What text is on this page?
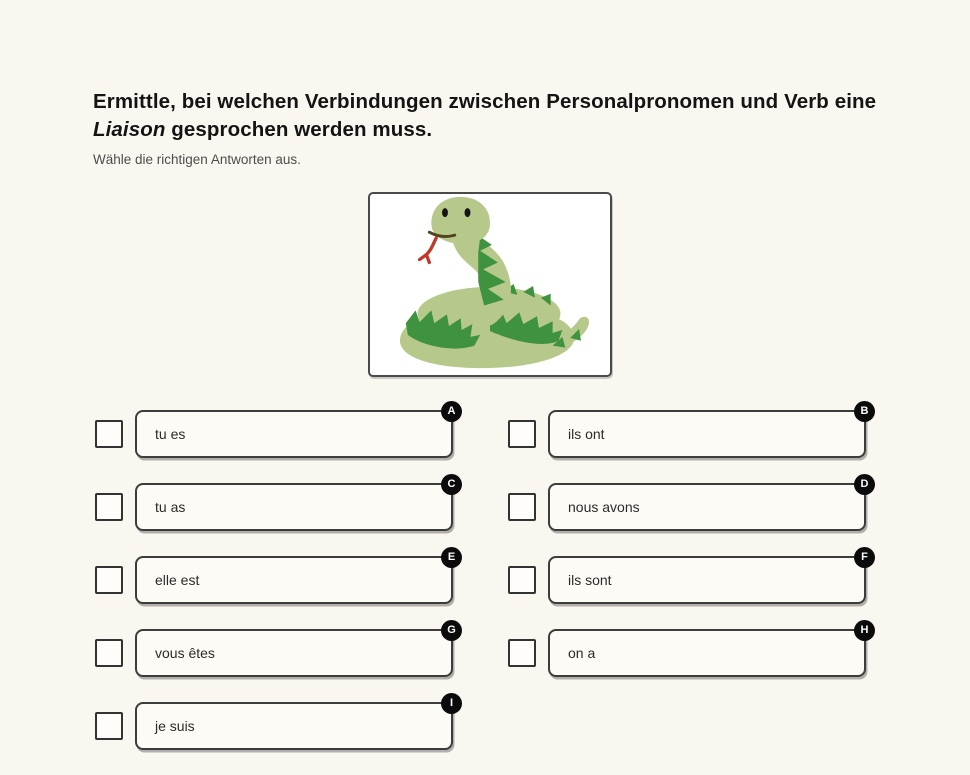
Ermittle, bei welchen Verbindungen zwischen Personalpronomen und Verb eine Liaison gesprochen werden muss.

Wähle die richtigen Antworten aus.

tu es
A
tu as
C
elle est
E
vous êtes
G
je suis
I
ils ont
B
nous avons
D
ils sont
F
on a
H
